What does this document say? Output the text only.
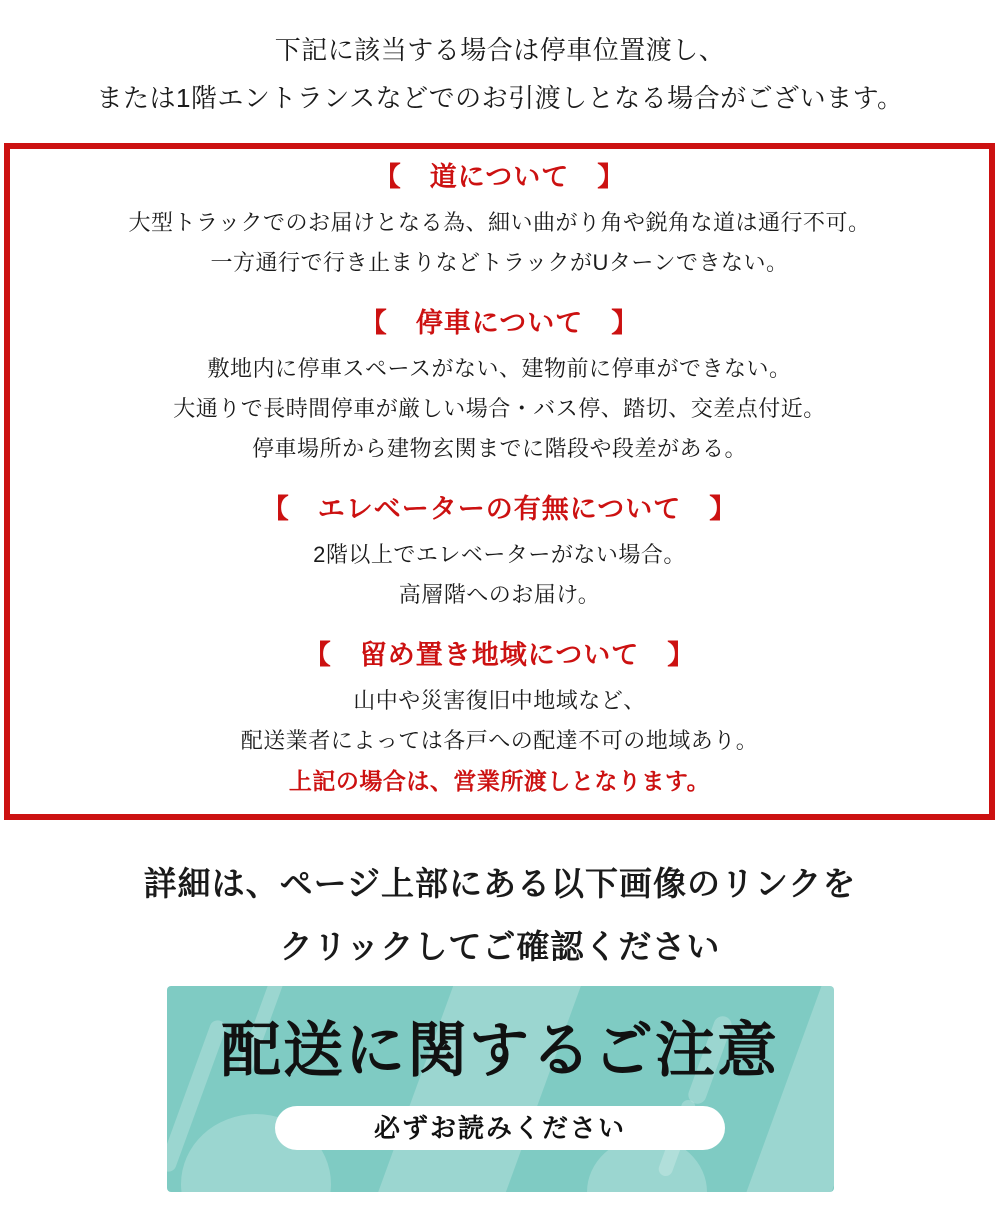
下記に該当する場合は停車位置渡し、

または1階エントランスなどでのお引渡しとなる場合がございます。

【　道について　】

大型トラックでのお届けとなる為、細い曲がり角や鋭角な道は通行不可。

一方通行で行き止まりなどトラックがUターンできない。

【　停車について　】

敷地内に停車スペースがない、建物前に停車ができない。

大通りで長時間停車が厳しい場合・バス停、踏切、交差点付近。

停車場所から建物玄関までに階段や段差がある。

【　エレベーターの有無について　】

2階以上でエレベーターがない場合。

高層階へのお届け。

【　留め置き地域について　】

山中や災害復旧中地域など、

配送業者によっては各戸への配達不可の地域あり。

上記の場合は、営業所渡しとなります。

詳細は、ページ上部にある以下画像のリンクを

クリックしてご確認ください

配送に関するご注意
必ずお読みください
